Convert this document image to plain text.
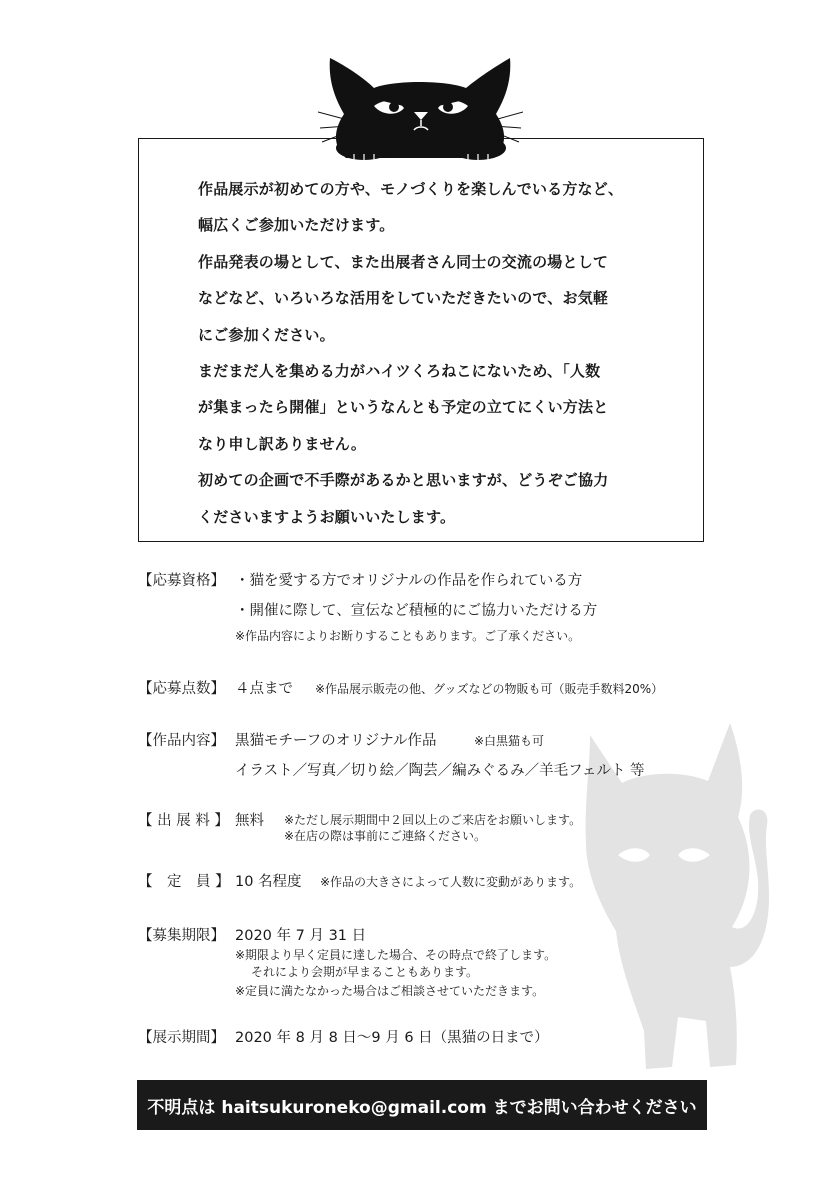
作品展示が初めての方や、モノづくりを楽しんでいる方など、

幅広くご参加いただけます。

作品発表の場として、また出展者さん同士の交流の場として

などなど、いろいろな活用をしていただきたいので、お気軽

にご参加ください。

まだまだ人を集める力がハイツくろねこにないため、「人数

が集まったら開催」というなんとも予定の立てにくい方法と

なり申し訳ありません。

初めての企画で不手際があるかと思いますが、どうぞご協力

くださいますようお願いいたします。

【応募資格】 ・猫を愛する方でオリジナルの作品を作られている方
・開催に際して、宣伝など積極的にご協力いただける方
※作品内容によりお断りすることもあります。ご了承ください。
【応募点数】 ４点まで ※作品展示販売の他、グッズなどの物販も可（販売手数料20%）
【作品内容】 黒猫モチーフのオリジナル作品	※白黒猫も可
イラスト／写真／切り絵／陶芸／編みぐるみ／羊毛フェルト 等
【 出 展 料 】 無料 ※ただし展示期間中２回以上のご来店をお願いします。
※在店の際は事前にご連絡ください。
【　定　員 】 10 名程度 ※作品の大きさによって人数に変動があります。
【募集期限】 2020 年 7 月 31 日
※期限より早く定員に達した場合、その時点で終了します。
それにより会期が早まることもあります。
※定員に満たなかった場合はご相談させていただきます。
【展示期間】 2020 年 8 月 8 日〜9 月 6 日（黒猫の日まで）
不明点は haitsukuroneko@gmail.com までお問い合わせください
